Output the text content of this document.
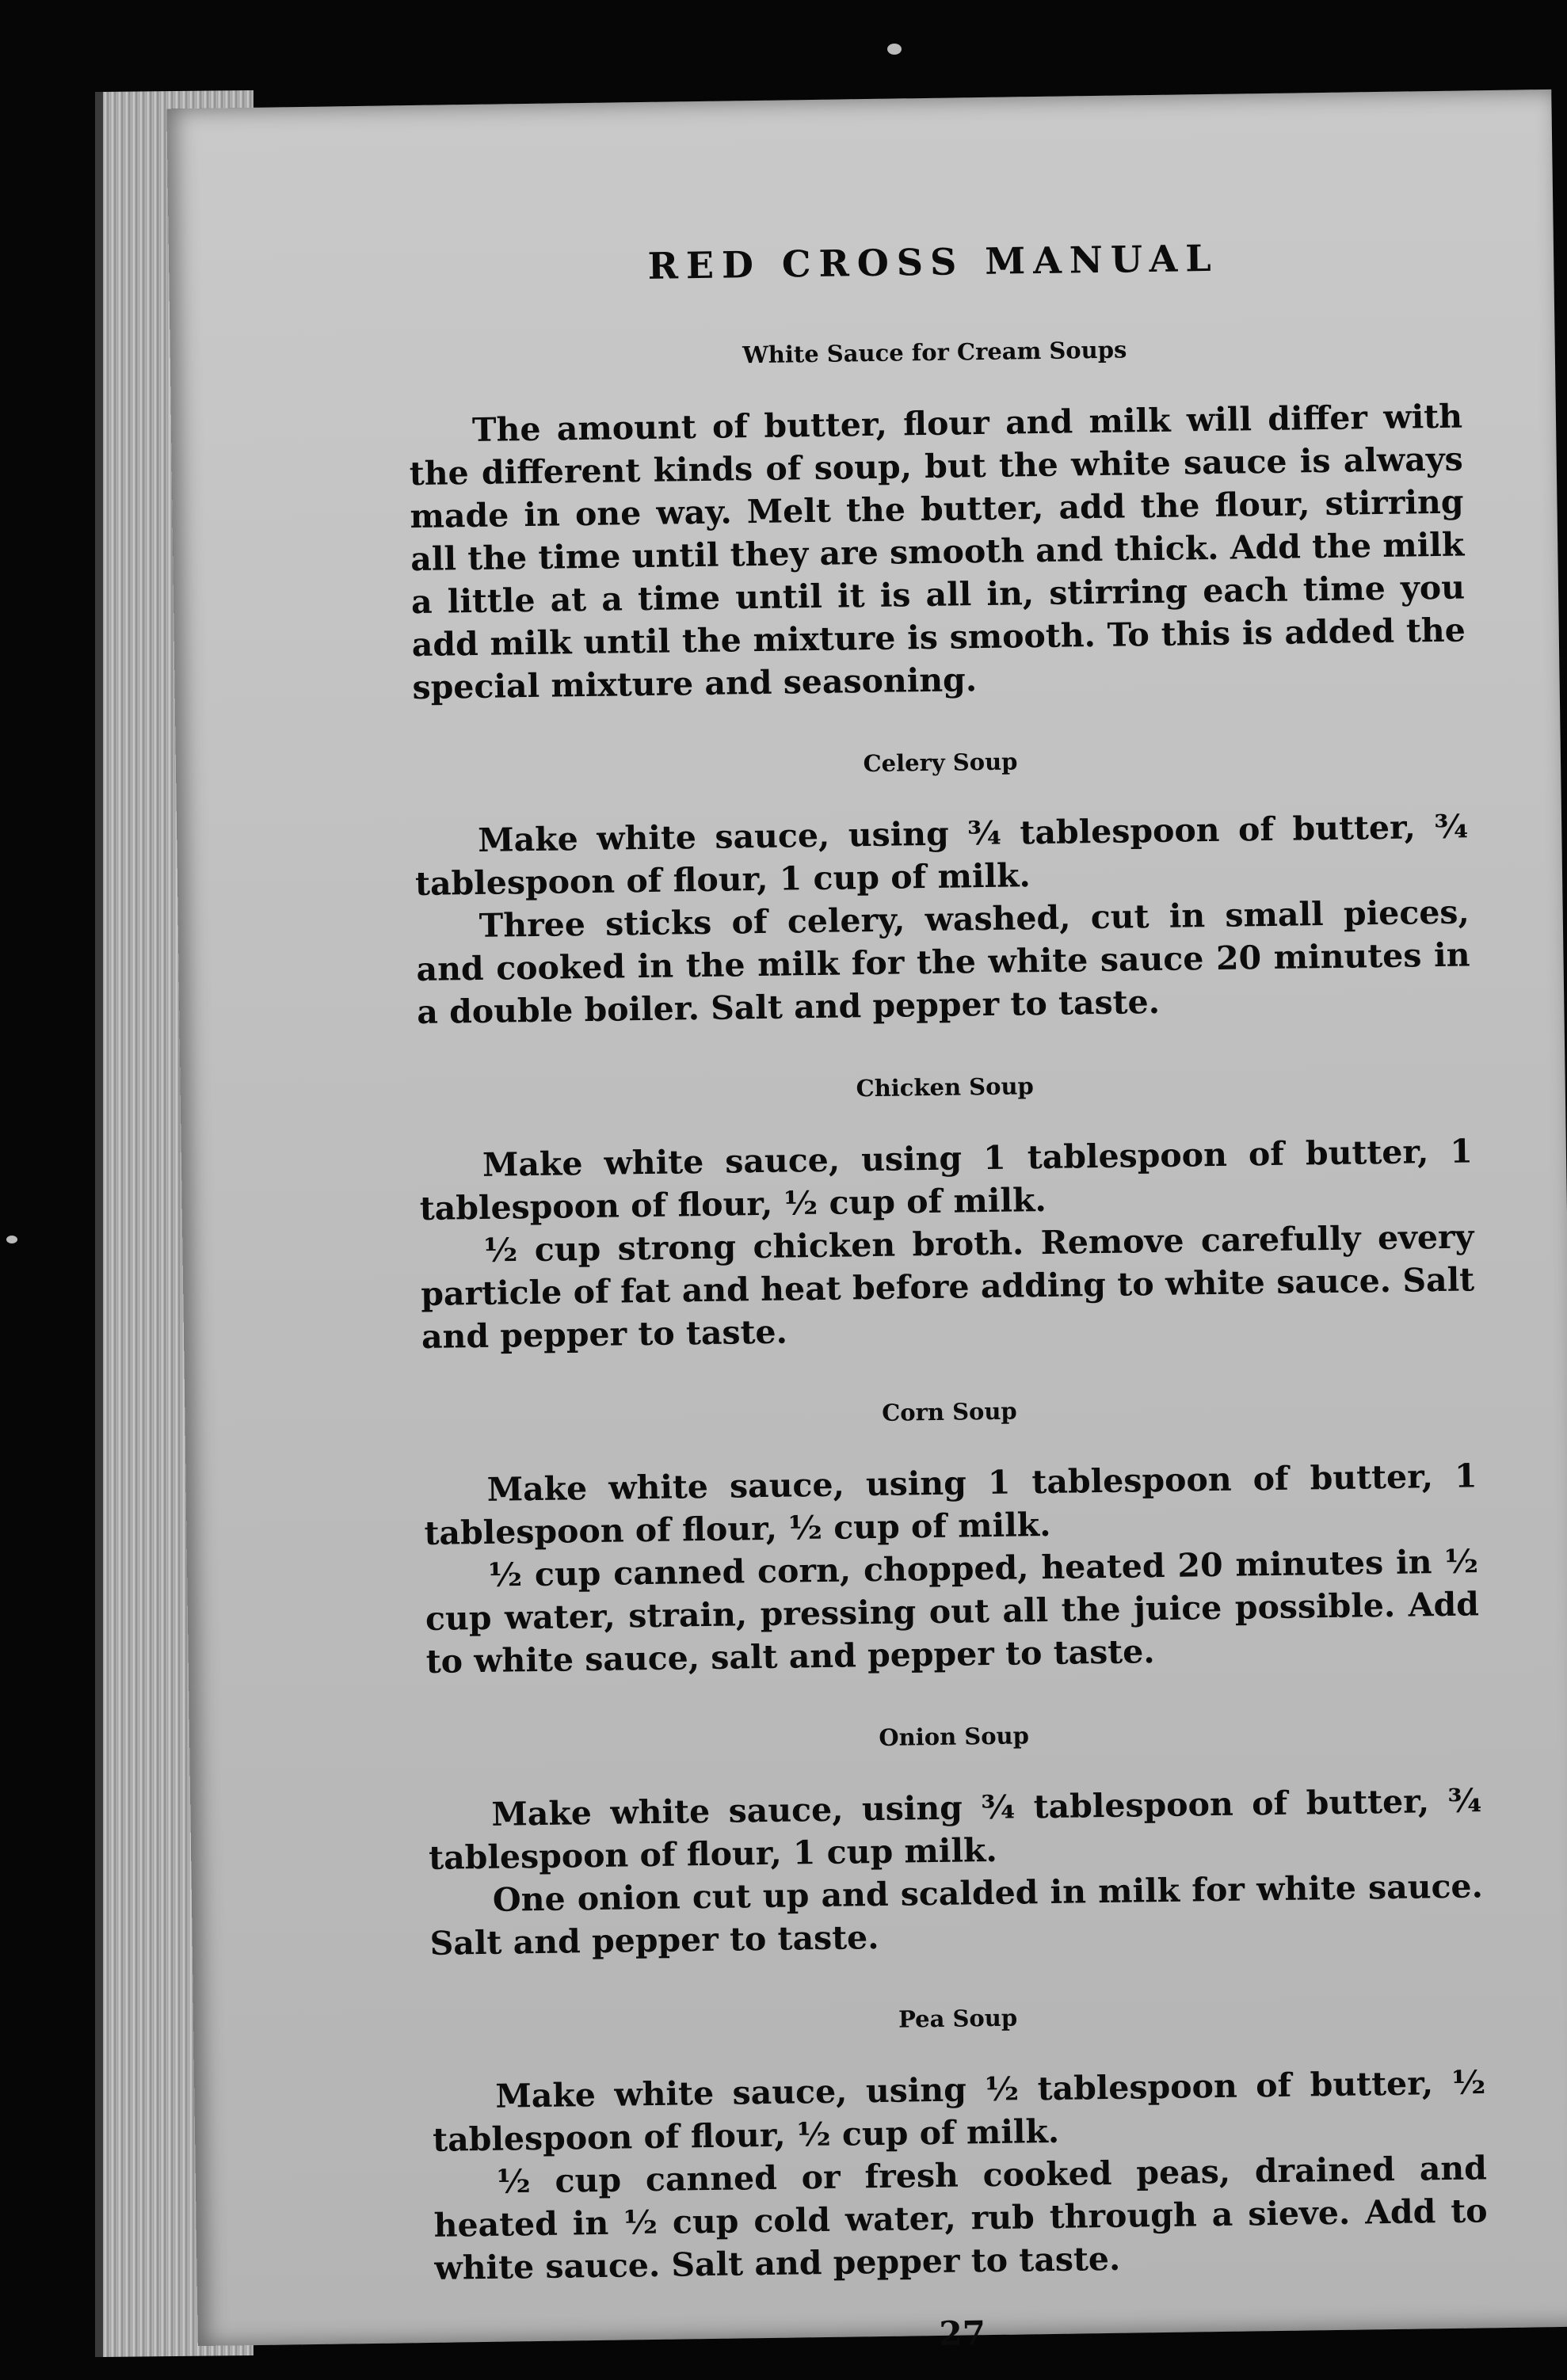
RED CROSS MANUAL
White Sauce for Cream Soups

The amount of butter, flour and milk will differ with the different kinds of soup, but the white sauce is always made in one way. Melt the butter, add the flour, stirring all the time until they are smooth and thick. Add the milk a little at a time until it is all in, stirring each time you add milk until the mixture is smooth. To this is added the special mixture and seasoning.

Celery Soup

Make white sauce, using ¾ tablespoon of butter, ¾ tablespoon of flour, 1 cup of milk.

Three sticks of celery, washed, cut in small pieces, and cooked in the milk for the white sauce 20 minutes in a double boiler. Salt and pepper to taste.

Chicken Soup

Make white sauce, using 1 tablespoon of butter, 1 tablespoon of flour, ½ cup of milk.

½ cup strong chicken broth. Remove carefully every particle of fat and heat before adding to white sauce. Salt and pepper to taste.

Corn Soup

Make white sauce, using 1 tablespoon of butter, 1 tablespoon of flour, ½ cup of milk.

½ cup canned corn, chopped, heated 20 minutes in ½ cup water, strain, pressing out all the juice possible. Add to white sauce, salt and pepper to taste.

Onion Soup

Make white sauce, using ¾ tablespoon of butter, ¾ tablespoon of flour, 1 cup milk.

One onion cut up and scalded in milk for white sauce. Salt and pepper to taste.

Pea Soup

Make white sauce, using ½ tablespoon of butter, ½ tablespoon of flour, ½ cup of milk.

½ cup canned or fresh cooked peas, drained and heated in ½ cup cold water, rub through a sieve. Add to white sauce. Salt and pepper to taste.

27
